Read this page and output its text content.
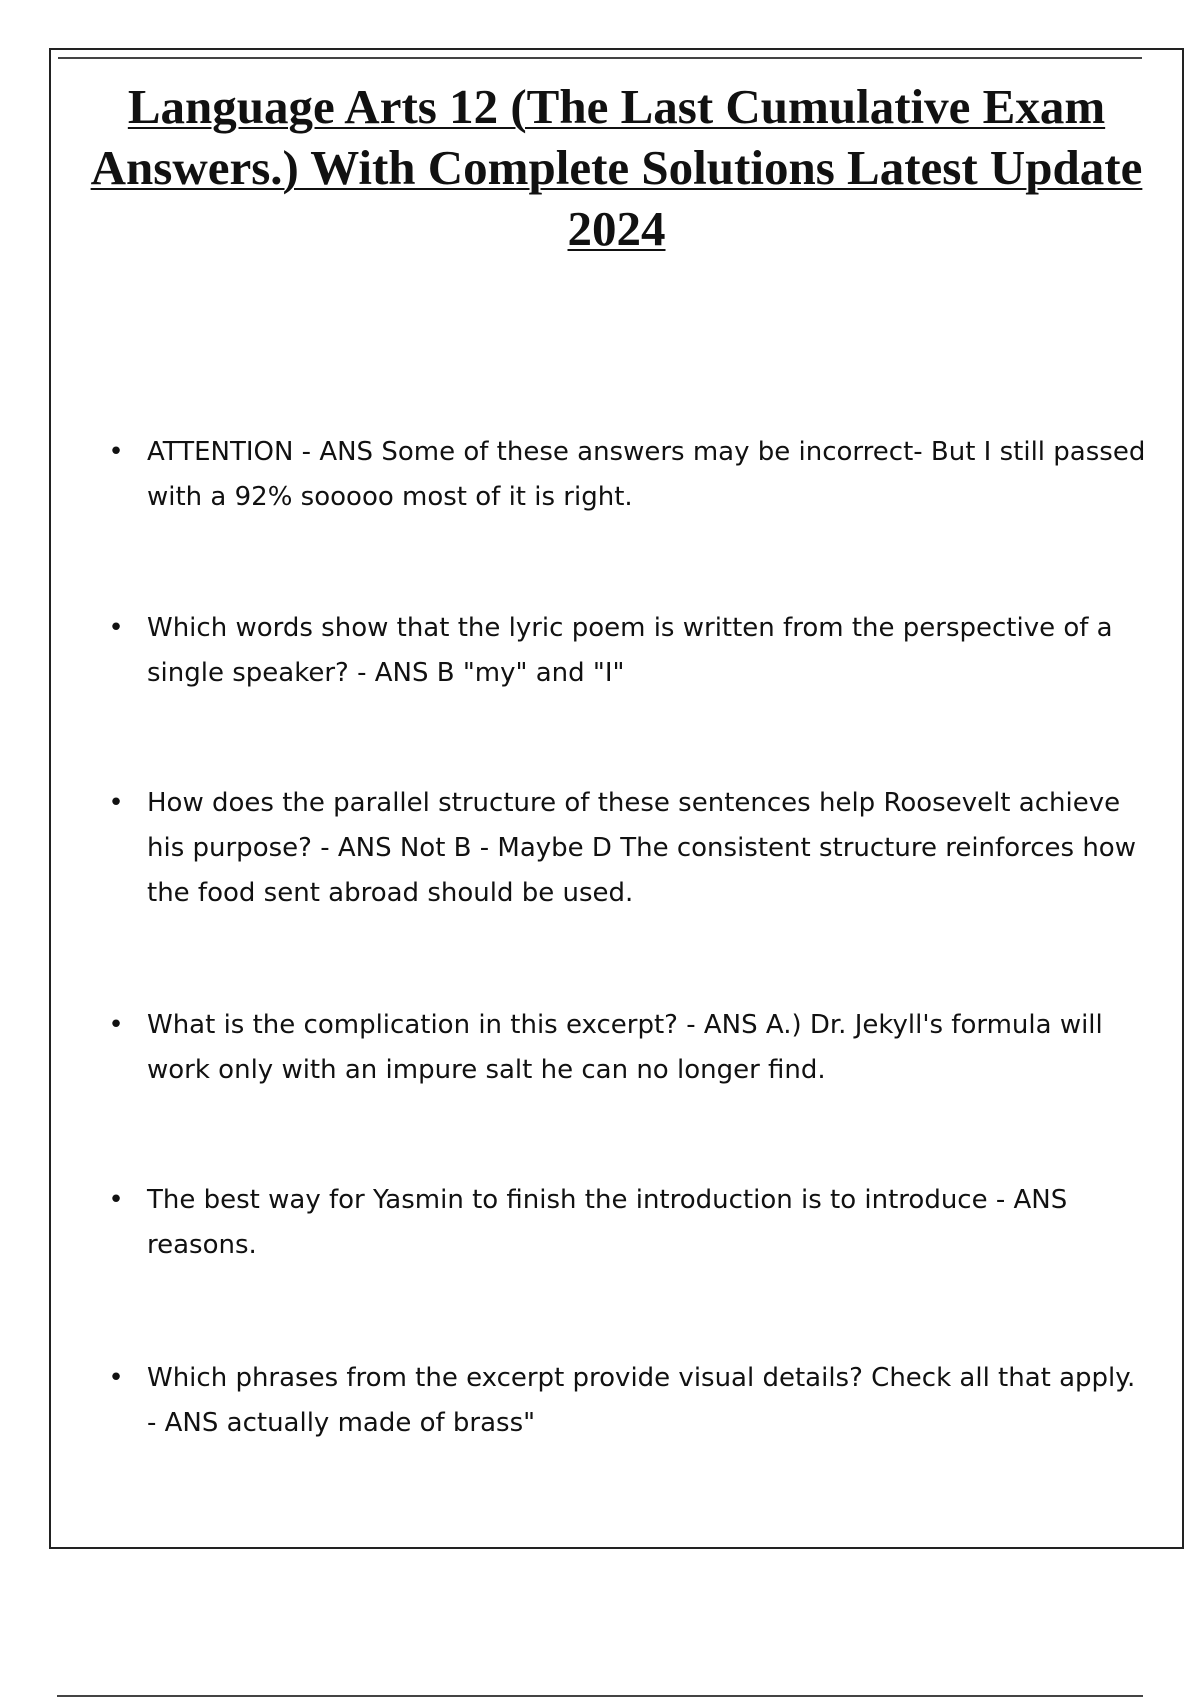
Language Arts 12 (The Last Cumulative Exam Answers.) With Complete Solutions Latest Update 2024
• ATTENTION - ANS Some of these answers may be incorrect- But I still passed with a 92% sooooo most of it is right.
• Which words show that the lyric poem is written from the perspective of a single speaker? - ANS B "my" and "I"
• How does the parallel structure of these sentences help Roosevelt achieve his purpose? - ANS Not B - Maybe D The consistent structure reinforces how the food sent abroad should be used.
• What is the complication in this excerpt? - ANS A.) Dr. Jekyll's formula will work only with an impure salt he can no longer find.
• The best way for Yasmin to finish the introduction is to introduce - ANS reasons.
• Which phrases from the excerpt provide visual details? Check all that apply. - ANS actually made of brass"
